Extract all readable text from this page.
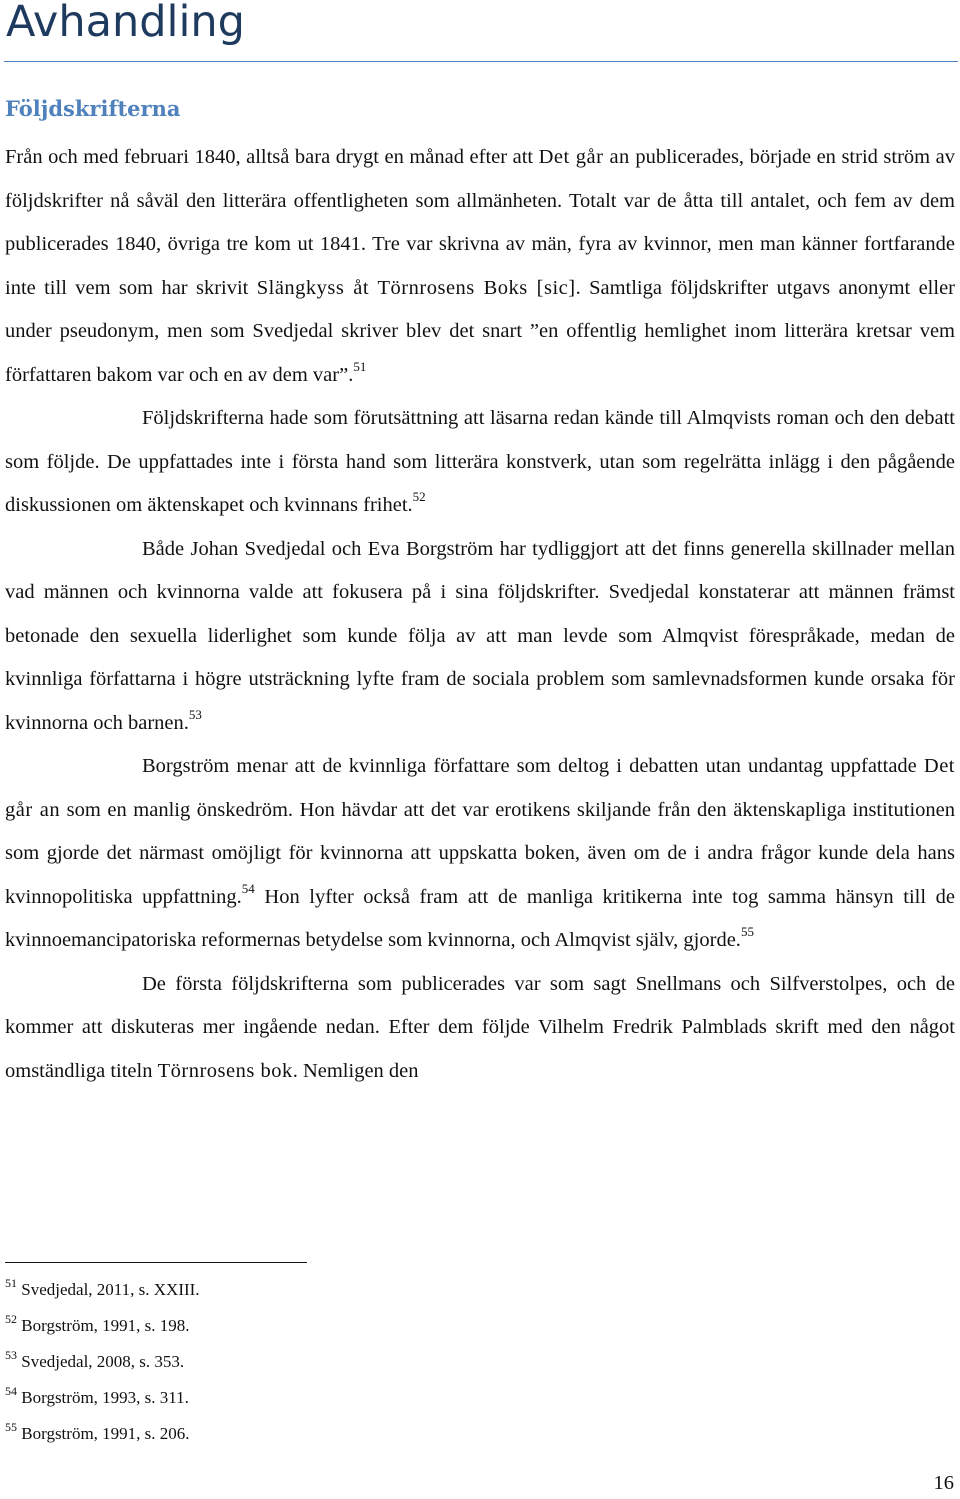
Avhandling
Följdskrifterna

Från och med februari 1840, alltså bara drygt en månad efter att Det går an publicerades, började en strid ström av följdskrifter nå såväl den litterära offentligheten som allmänheten. Totalt var de åtta till antalet, och fem av dem publicerades 1840, övriga tre kom ut 1841. Tre var skrivna av män, fyra av kvinnor, men man känner fortfarande inte till vem som har skrivit Slängkyss åt Törnrosens Boks [sic]. Samtliga följdskrifter utgavs anonymt eller under pseudonym, men som Svedjedal skriver blev det snart ”en offentlig hemlighet inom litterära kretsar vem författaren bakom var och en av dem var”.$^{51}$

Följdskrifterna hade som förutsättning att läsarna redan kände till Almqvists roman och den debatt som följde. De uppfattades inte i första hand som litterära konstverk, utan som regelrätta inlägg i den pågående diskussionen om äktenskapet och kvinnans frihet.$^{52}$

Både Johan Svedjedal och Eva Borgström har tydliggjort att det finns generella skillnader mellan vad männen och kvinnorna valde att fokusera på i sina följdskrifter. Svedjedal konstaterar att männen främst betonade den sexuella liderlighet som kunde följa av att man levde som Almqvist förespråkade, medan de kvinnliga författarna i högre utsträckning lyfte fram de sociala problem som samlevnadsformen kunde orsaka för kvinnorna och barnen.$^{53}$

Borgström menar att de kvinnliga författare som deltog i debatten utan undantag uppfattade Det går an som en manlig önskedröm. Hon hävdar att det var erotikens skiljande från den äktenskapliga institutionen som gjorde det närmast omöjligt för kvinnorna att uppskatta boken, även om de i andra frågor kunde dela hans kvinnopolitiska uppfattning.$^{54}$ Hon lyfter också fram att de manliga kritikerna inte tog samma hänsyn till de kvinnoemancipatoriska reformernas betydelse som kvinnorna, och Almqvist själv, gjorde.$^{55}$

De första följdskrifterna som publicerades var som sagt Snellmans och Silfverstolpes, och de kommer att diskuteras mer ingående nedan. Efter dem följde Vilhelm Fredrik Palmblads skrift med den något omständliga titeln Törnrosens bok. Nemligen den

$^{51}$ Svedjedal, 2011, s. XXIII.

$^{52}$ Borgström, 1991, s. 198.

$^{53}$ Svedjedal, 2008, s. 353.

$^{54}$ Borgström, 1993, s. 311.

$^{55}$ Borgström, 1991, s. 206.

16
